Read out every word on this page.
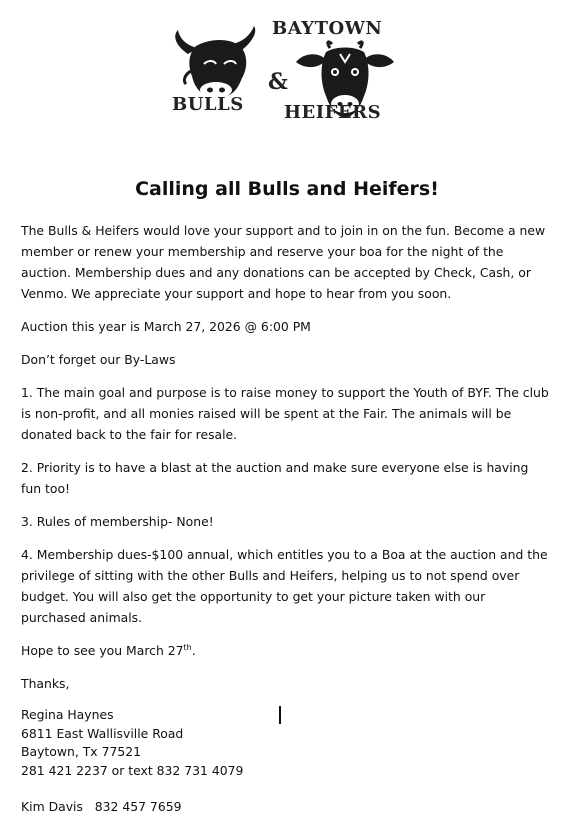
BAYTOWN
BULLS
&
HEIFERS
Calling all Bulls and Heifers!

The Bulls & Heifers would love your support and to join in on the fun. Become a new member or renew your membership and reserve your boa for the night of the auction. Membership dues and any donations can be accepted by Check, Cash, or Venmo. We appreciate your support and hope to hear from you soon.

Auction this year is March 27, 2026 @ 6:00 PM

Don’t forget our By-Laws

1. The main goal and purpose is to raise money to support the Youth of BYF. The club is non-profit, and all monies raised will be spent at the Fair. The animals will be donated back to the fair for resale.

2. Priority is to have a blast at the auction and make sure everyone else is having fun too!

3. Rules of membership- None!

4. Membership dues-$100 annual, which entitles you to a Boa at the auction and the privilege of sitting with the other Bulls and Heifers, helping us to not spend over budget. You will also get the opportunity to get your picture taken with our purchased animals.

Hope to see you March 27th.

Thanks,

Regina Haynes
6811 East Wallisville Road
Baytown, Tx 77521
281 421 2237 or text 832 731 4079
Kim Davis   832 457 7659
